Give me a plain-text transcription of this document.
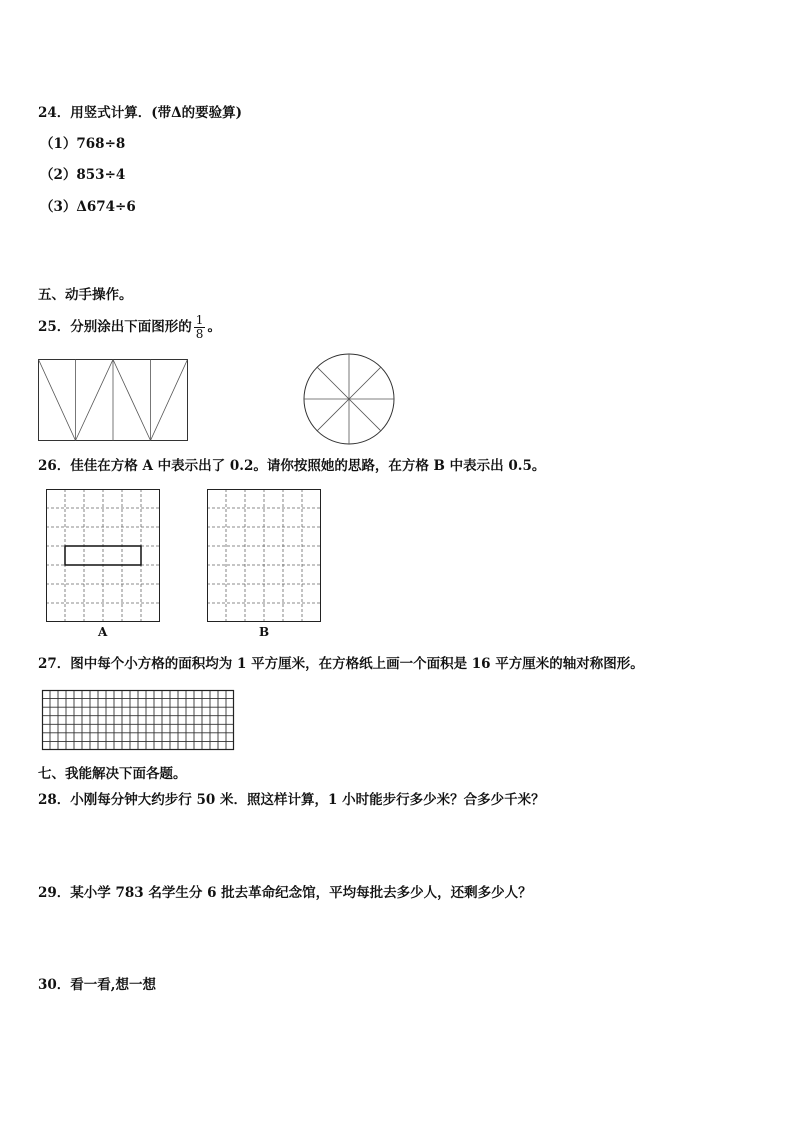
24．用竖式计算．(带Δ的要验算)
（1）768÷8
（2）853÷4
（3）Δ674÷6
五、动手操作。
25．分别涂出下面图形的 $\frac{1}{8}$ 。
26．佳佳在方格 A 中表示出了 0.2。请你按照她的思路，在方格 B 中表示出 0.5。
A	B
27．图中每个小方格的面积均为 1 平方厘米，在方格纸上画一个面积是 16 平方厘米的轴对称图形。
七、我能解决下面各题。
28．小刚每分钟大约步行 50 米．照这样计算，1 小时能步行多少米？合多少千米？
29．某小学 783 名学生分 6 批去革命纪念馆，平均每批去多少人，还剩多少人？
30．看一看,想一想
